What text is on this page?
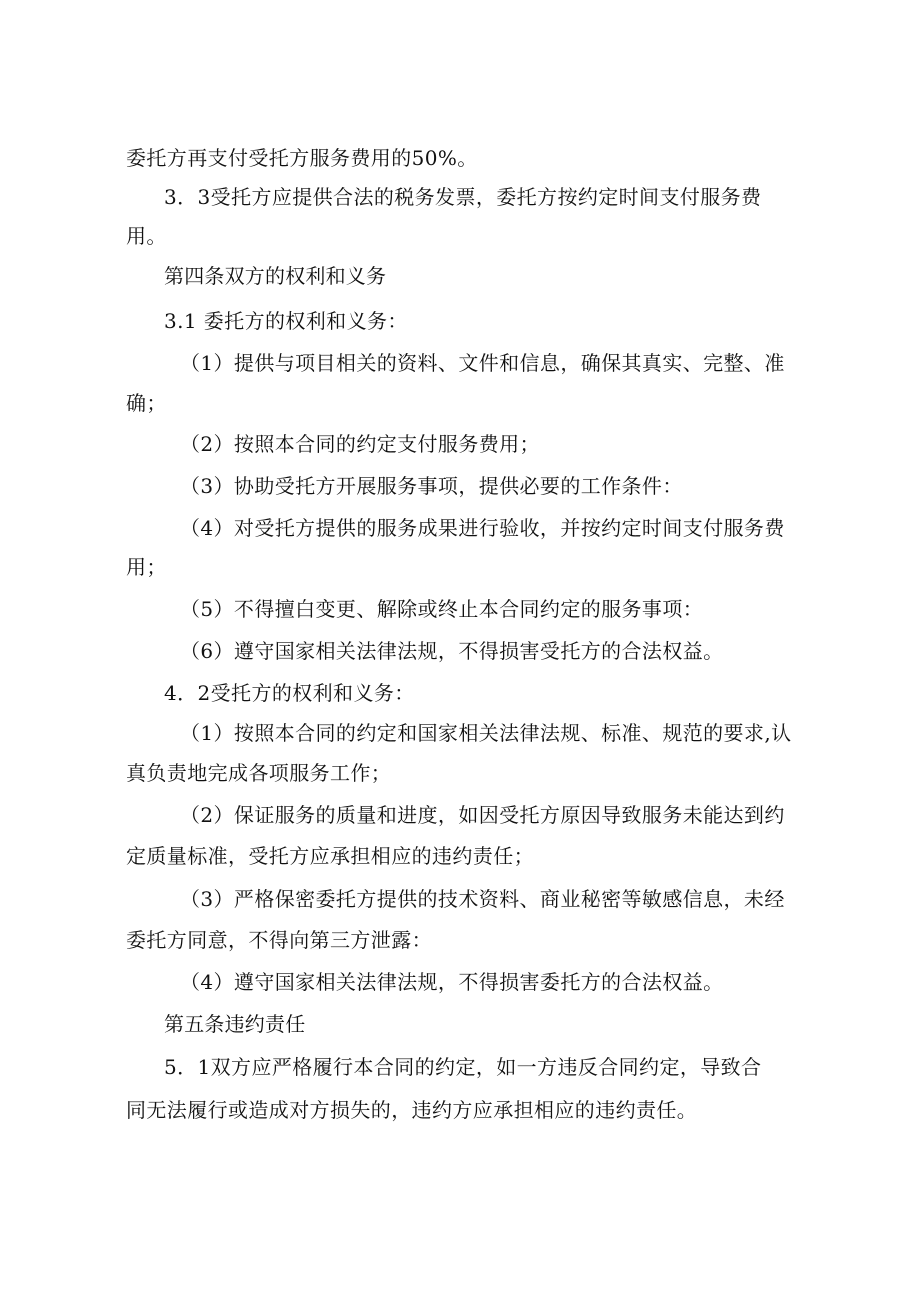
委托方再支付受托方服务费用的50%。
3．3受托方应提供合法的税务发票，委托方按约定时间支付服务费
用。
第四条双方的权利和义务
3.1 委托方的权利和义务：
（1）提供与项目相关的资料、文件和信息，确保其真实、完整、准
确；
（2）按照本合同的约定支付服务费用；
（3）协助受托方开展服务事项，提供必要的工作条件：
（4）对受托方提供的服务成果进行验收，并按约定时间支付服务费
用；
（5）不得擅白变更、解除或终止本合同约定的服务事项：
（6）遵守国家相关法律法规，不得损害受托方的合法权益。
4．2受托方的权利和义务：
（1）按照本合同的约定和国家相关法律法规、标准、规范的要求,认
真负责地完成各项服务工作；
（2）保证服务的质量和进度，如因受托方原因导致服务未能达到约
定质量标准，受托方应承担相应的违约责任；
（3）严格保密委托方提供的技术资料、商业秘密等敏感信息，未经
委托方同意，不得向第三方泄露：
（4）遵守国家相关法律法规，不得损害委托方的合法权益。
第五条违约责任
5．1双方应严格履行本合同的约定，如一方违反合同约定，导致合
同无法履行或造成对方损失的，违约方应承担相应的违约责任。
